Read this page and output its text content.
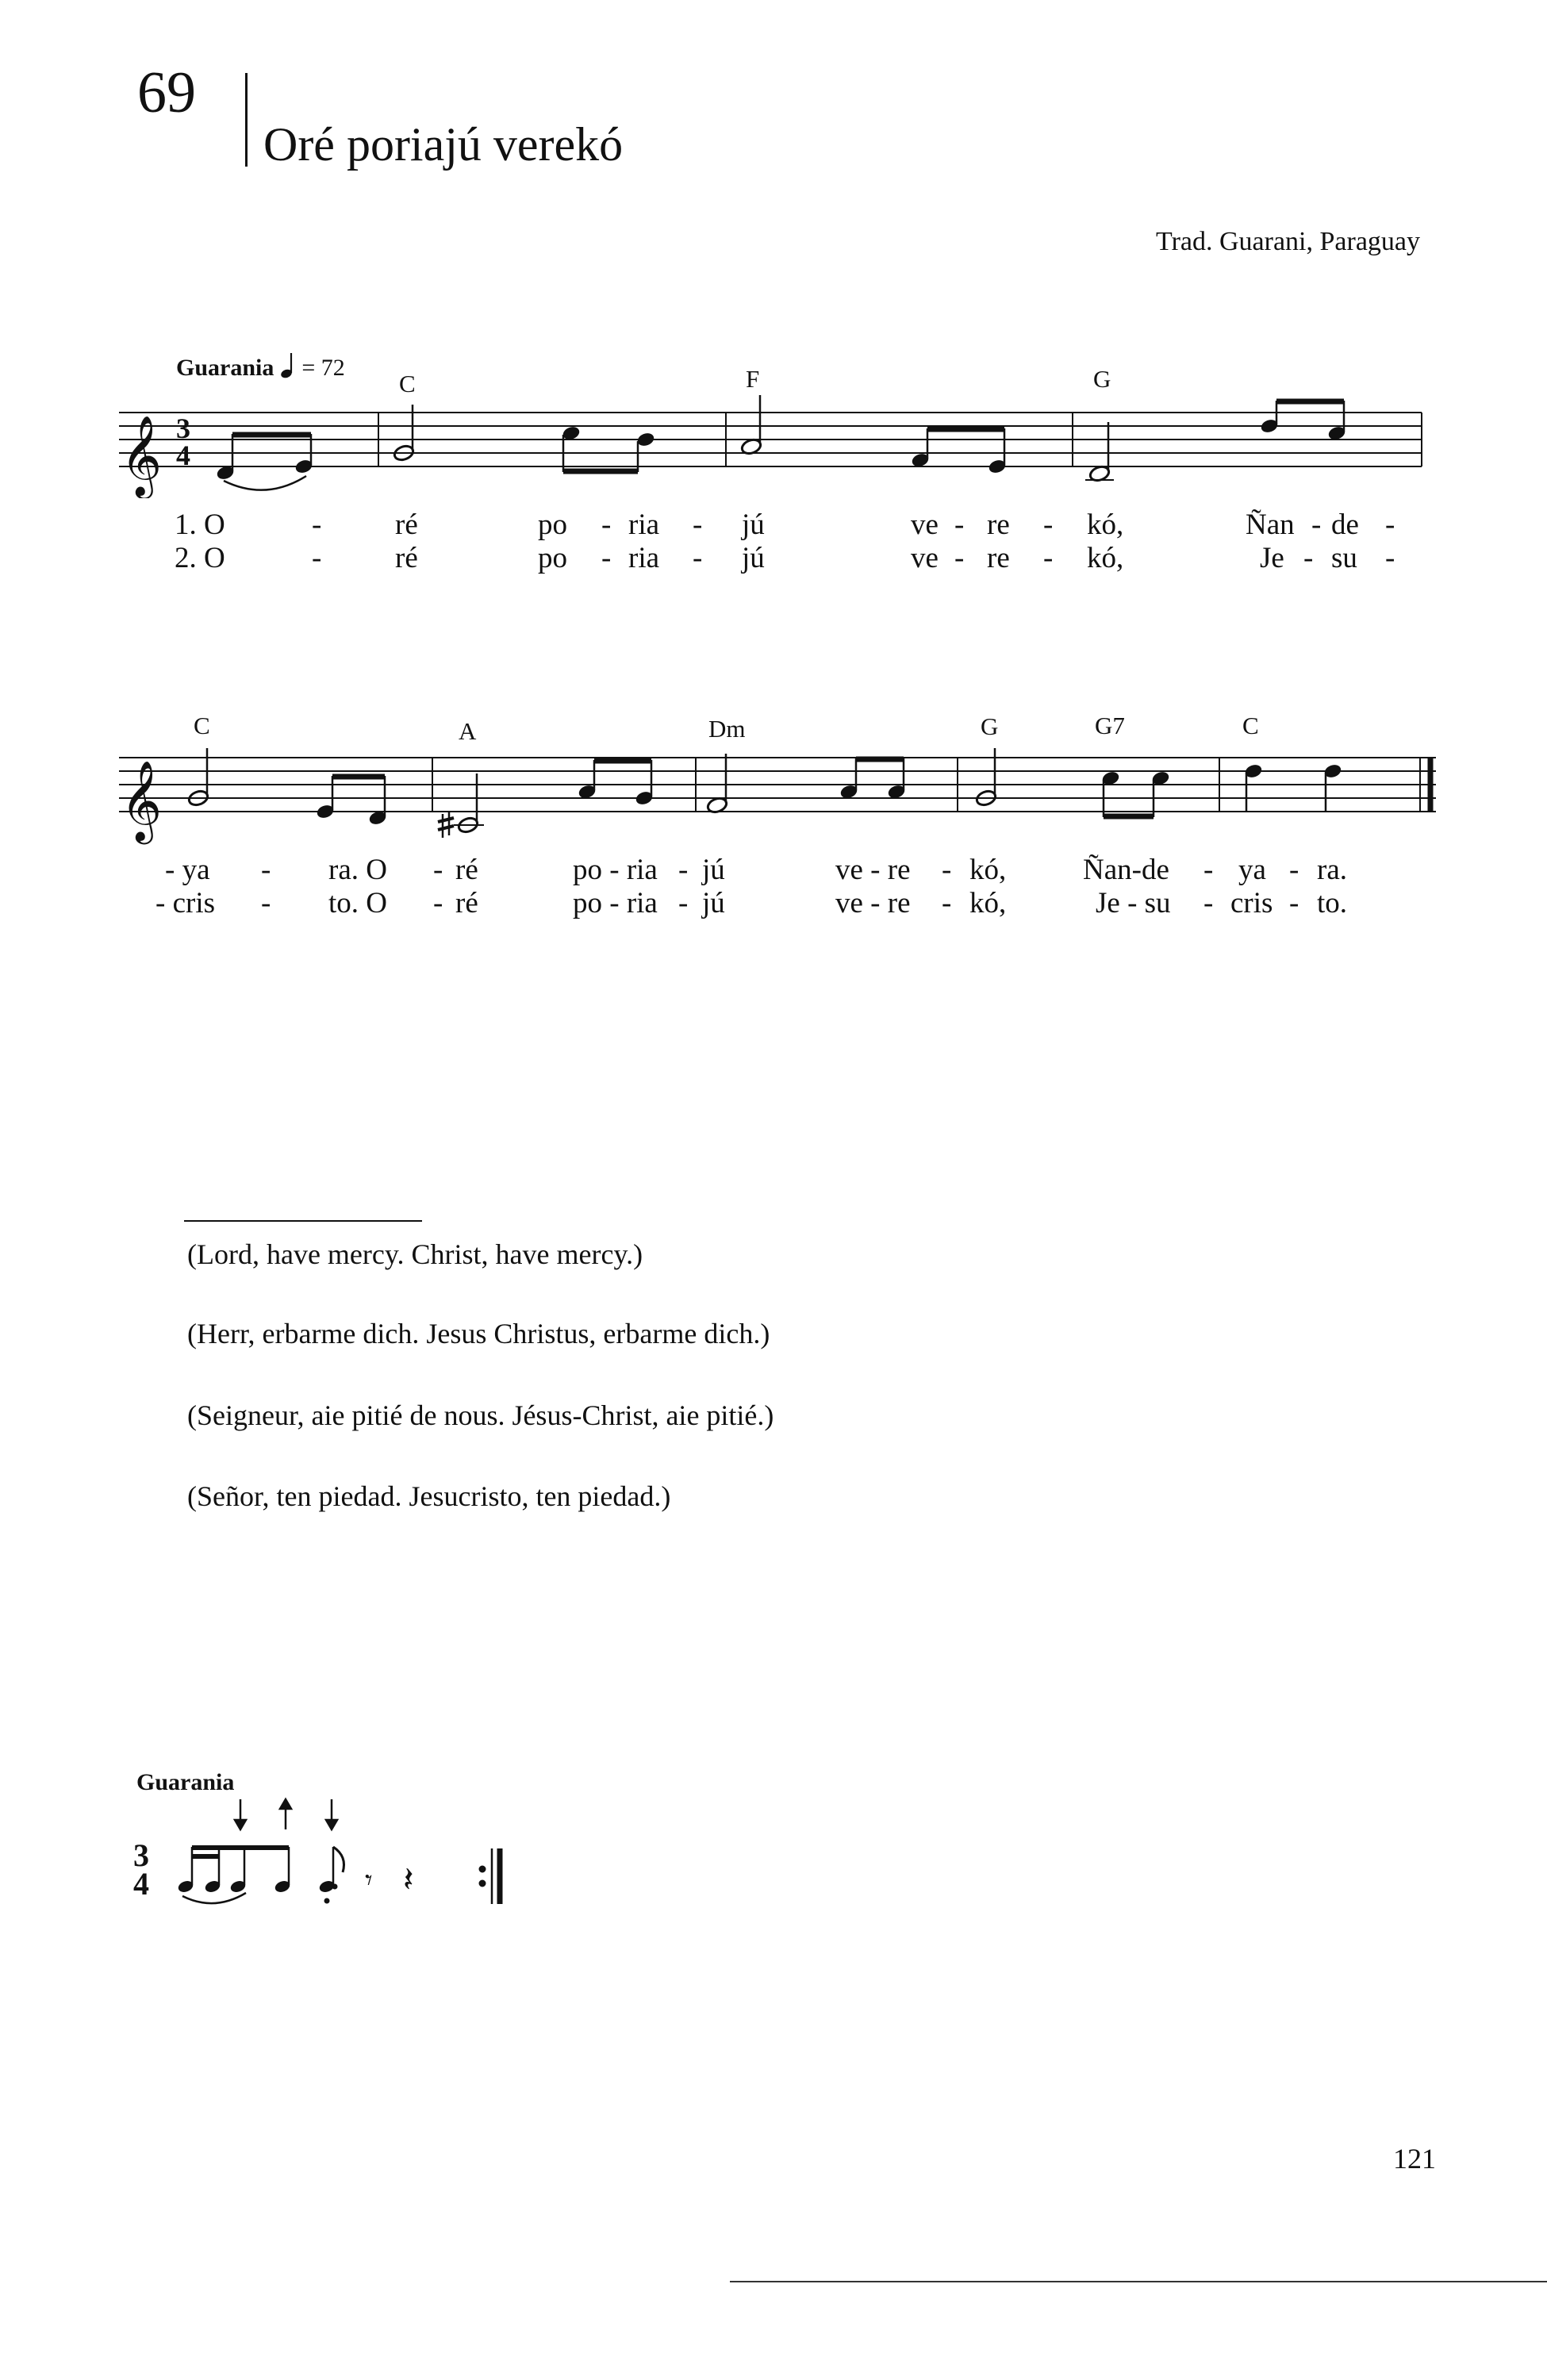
69
Oré poriajú verekó
Trad. Guarani, Paraguay
Guarania = 72
C	F	G
𝄞 3
4
1. O	-	ré	po - ria - jú	ve - re - kó,	Ñan - de -
2. O	-	ré	po - ria - jú	ve - re - kó,	Je - su -
C	A	Dm	G	G7	C
𝄞
- ya - ra. O - ré	po - ria - jú	ve - re - kó,	Ñan-de - ya - ra.
- cris - to. O - ré	po - ria - jú	ve - re - kó,	Je - su - cris - to.
(Lord, have mercy. Christ, have mercy.)
(Herr, erbarme dich. Jesus Christus, erbarme dich.)
(Seigneur, aie pitié de nous. Jésus-Christ, aie pitié.)
(Señor, ten piedad. Jesucristo, ten piedad.)
Guarania
3
4	𝄾 𝄽
121
